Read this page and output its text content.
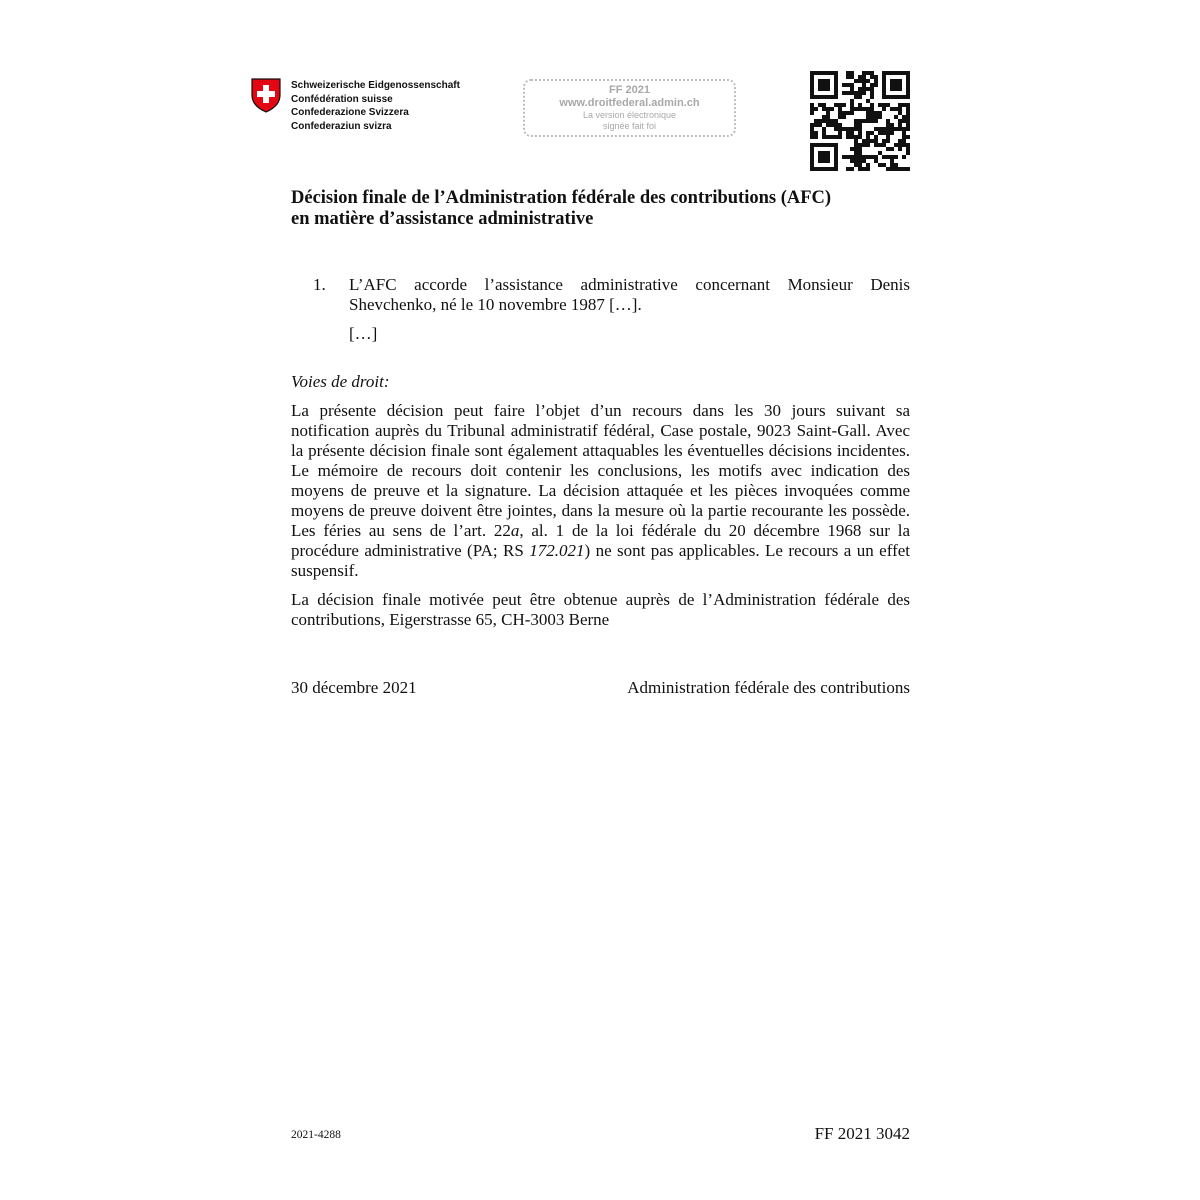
Schweizerische Eidgenossenschaft
Confédération suisse
Confederazione Svizzera
Confederaziun svizra
FF 2021
www.droitfederal.admin.ch
La version électronique
signée fait foi
Décision finale de l’Administration fédérale des contributions (AFC)
en matière d’assistance administrative
1. L’AFC accorde l’assistance administrative concernant Monsieur Denis Shevchenko, né le 10 novembre 1987 […].
[…]
Voies de droit:
La présente décision peut faire l’objet d’un recours dans les 30 jours suivant sa notification auprès du Tribunal administratif fédéral, Case postale, 9023 Saint-Gall. Avec la présente décision finale sont également attaquables les éventuelles décisions incidentes. Le mémoire de recours doit contenir les conclusions, les motifs avec indication des moyens de preuve et la signature. La décision attaquée et les pièces invoquées comme moyens de preuve doivent être jointes, dans la mesure où la partie recourante les possède. Les féries au sens de l’art. 22a, al. 1 de la loi fédérale du 20 décembre 1968 sur la procédure administrative (PA; RS 172.021) ne sont pas applicables. Le recours a un effet suspensif.
La décision finale motivée peut être obtenue auprès de l’Administration fédérale des contributions, Eigerstrasse 65, CH-3003 Berne
30 décembre 2021	Administration fédérale des contributions
2021-4288	FF 2021 3042
